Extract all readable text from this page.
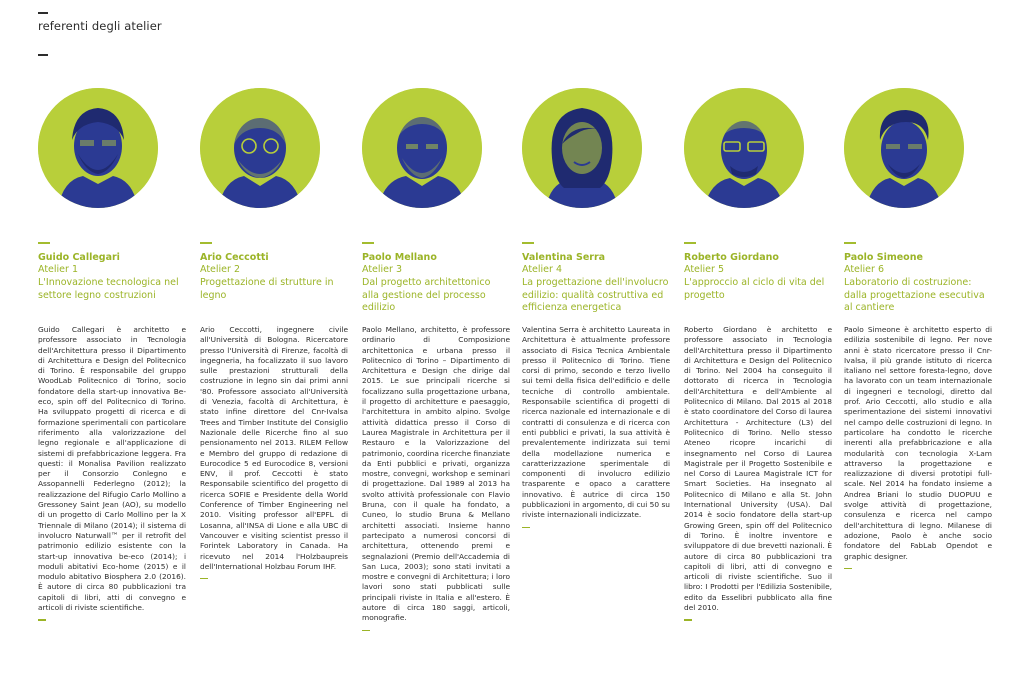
referenti degli atelier
Guido Callegari
Atelier 1
L'Innovazione tecnologica nel settore legno costruzioni
Guido Callegari è architetto e professore associato in Tecnologia dell'Architettura presso il Dipartimento di Architettura e Design del Politecnico di Torino. È responsabile del gruppo WoodLab Politecnico di Torino, socio fondatore della start-up innovativa Be-eco, spin off del Politecnico di Torino. Ha sviluppato progetti di ricerca e di formazione sperimentali con particolare riferimento alla valorizzazione del legno regionale e all'applicazione di sistemi di prefabbricazione leggera. Fra questi: il Monalisa Pavilion realizzato per il Consorzio Conlegno e Assopannelli Federlegno (2012); la realizzazione del Rifugio Carlo Mollino a Gressoney Saint Jean (AO), su modello di un progetto di Carlo Mollino per la X Triennale di Milano (2014); il sistema di involucro Naturwall™ per il retrofit del patrimonio edilizio esistente con la start-up innovativa be-eco (2014); i moduli abitativi Eco-home (2015) e il modulo abitativo Biosphera 2.0 (2016). È autore di circa 80 pubblicazioni tra capitoli di libri, atti di convegno e articoli di riviste scientifiche.
Ario Ceccotti
Atelier 2
Progettazione di strutture in legno
Ario Ceccotti, ingegnere civile all'Università di Bologna. Ricercatore presso l'Università di Firenze, facoltà di ingegneria, ha focalizzato il suo lavoro sulle prestazioni strutturali della costruzione in legno sin dai primi anni '80. Professore associato all'Università di Venezia, facoltà di Architettura, è stato infine direttore del Cnr-Ivalsa Trees and Timber Institute del Consiglio Nazionale delle Ricerche fino al suo pensionamento nel 2013. RILEM Fellow e Membro del gruppo di redazione di Eurocodice 5 ed Eurocodice 8, versioni ENV, il prof. Ceccotti è stato Responsabile scientifico del progetto di ricerca SOFIE e Presidente della World Conference of Timber Engineering nel 2010. Visiting professor all'EPFL di Losanna, all'INSA di Lione e alla UBC di Vancouver e visiting scientist presso il Forintek Laboratory in Canada. Ha ricevuto nel 2014 l'Holzbaupreis dell'International Holzbau Forum IHF.
Paolo Mellano
Atelier 3
Dal progetto architettonico alla gestione del processo edilizio
Paolo Mellano, architetto, è professore ordinario di Composizione architettonica e urbana presso il Politecnico di Torino – Dipartimento di Architettura e Design che dirige dal 2015. Le sue principali ricerche si focalizzano sulla progettazione urbana, il progetto di architetture e paesaggio, l'architettura in ambito alpino. Svolge attività didattica presso il Corso di Laurea Magistrale in Architettura per il Restauro e la Valorizzazione del patrimonio, coordina ricerche finanziate da Enti pubblici e privati, organizza mostre, convegni, workshop e seminari di progettazione. Dal 1989 al 2013 ha svolto attività professionale con Flavio Bruna, con il quale ha fondato, a Cuneo, lo studio Bruna & Mellano architetti associati. Insieme hanno partecipato a numerosi concorsi di architettura, ottenendo premi e segnalazioni (Premio dell'Accademia di San Luca, 2003); sono stati invitati a mostre e convegni di Architettura; i loro lavori sono stati pubblicati sulle principali riviste in Italia e all'estero. È autore di circa 180 saggi, articoli, monografie.
Valentina Serra
Atelier 4
La progettazione dell'involucro edilizio: qualità costruttiva ed efficienza energetica
Valentina Serra è architetto Laureata in Architettura è attualmente professore associato di Fisica Tecnica Ambientale presso il Politecnico di Torino. Tiene corsi di primo, secondo e terzo livello sui temi della fisica dell'edificio e delle tecniche di controllo ambientale. Responsabile scientifica di progetti di ricerca nazionale ed internazionale e di contratti di consulenza e di ricerca con enti pubblici e privati, la sua attività è prevalentemente indirizzata sui temi della modellazione numerica e caratterizzazione sperimentale di componenti di involucro edilizio trasparente e opaco a carattere innovativo. È autrice di circa 150 pubblicazioni in argomento, di cui 50 su riviste internazionali indicizzate.
Roberto Giordano
Atelier 5
L'approccio al ciclo di vita del progetto
Roberto Giordano è architetto e professore associato in Tecnologia dell'Architettura presso il Dipartimento di Architettura e Design del Politecnico di Torino. Nel 2004 ha conseguito il dottorato di ricerca in Tecnologia dell'Architettura e dell'Ambiente al Politecnico di Milano. Dal 2015 al 2018 è stato coordinatore del Corso di laurea Architettura - Architecture (L3) del Politecnico di Torino. Nello stesso Ateneo ricopre incarichi di insegnamento nel Corso di Laurea Magistrale per il Progetto Sostenibile e nel Corso di Laurea Magistrale ICT for Smart Societies. Ha insegnato al Politecnico di Milano e alla St. John International University (USA). Dal 2014 è socio fondatore della start-up Growing Green, spin off del Politecnico di Torino. È inoltre inventore e sviluppatore di due brevetti nazionali. È autore di circa 80 pubblicazioni tra capitoli di libri, atti di convegno e articoli di riviste scientifiche. Suo il libro: I Prodotti per l'Edilizia Sostenibile, edito da Esselibri pubblicato alla fine del 2010.
Paolo Simeone
Atelier 6
Laboratorio di costruzione: dalla progettazione esecutiva al cantiere
Paolo Simeone è architetto esperto di edilizia sostenibile di legno. Per nove anni è stato ricercatore presso il Cnr-Ivalsa, il più grande istituto di ricerca italiano nel settore foresta-legno, dove ha lavorato con un team internazionale di ingegneri e tecnologi, diretto dal prof. Ario Ceccotti, allo studio e alla sperimentazione dei sistemi innovativi nel campo delle costruzioni di legno. In particolare ha condotto le ricerche inerenti alla prefabbricazione e alla modularità con tecnologia X-Lam attraverso la progettazione e realizzazione di diversi prototipi full-scale. Nel 2014 ha fondato insieme a Andrea Briani lo studio DUOPUU e svolge attività di progettazione, consulenza e ricerca nel campo dell'architettura di legno. Milanese di adozione, Paolo è anche socio fondatore del FabLab Opendot e graphic designer.
